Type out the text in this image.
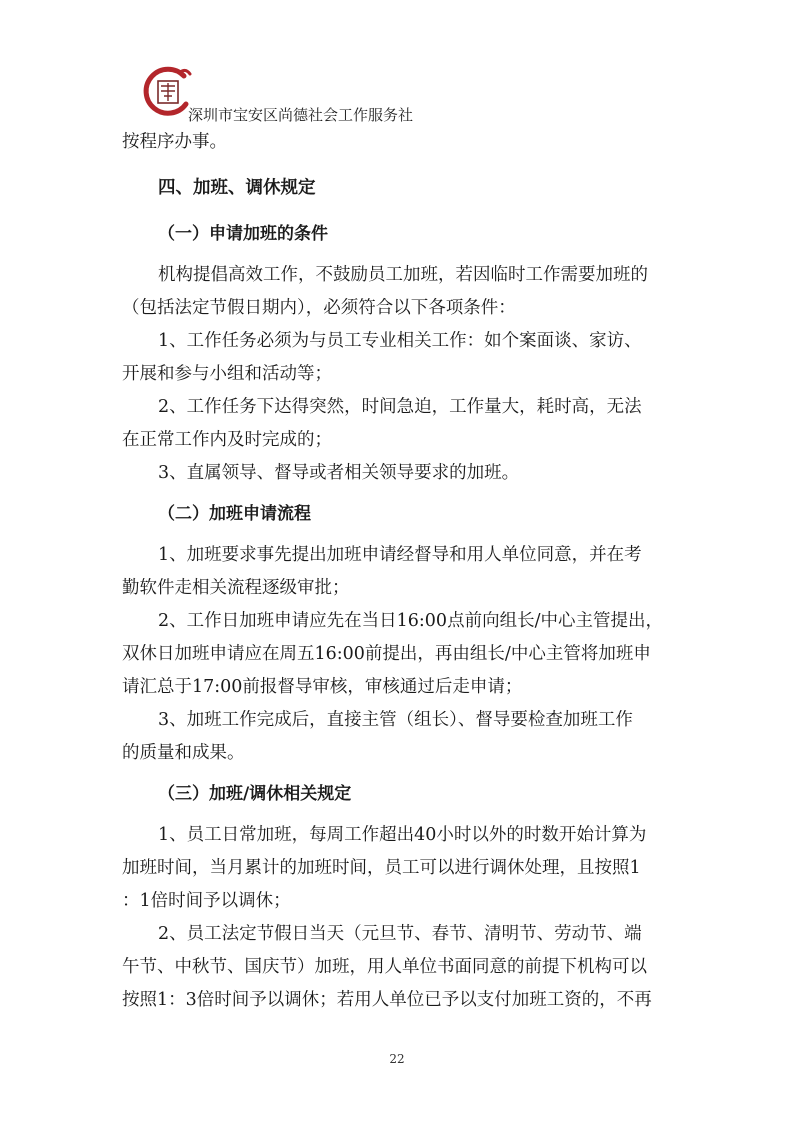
深圳市宝安区尚德社会工作服务社
按程序办事。
四、加班、调休规定
（一）申请加班的条件
机构提倡高效工作，不鼓励员工加班，若因临时工作需要加班的
（包括法定节假日期内），必须符合以下各项条件：
1、工作任务必须为与员工专业相关工作：如个案面谈、家访、
开展和参与小组和活动等；
2、工作任务下达得突然，时间急迫，工作量大，耗时高，无法
在正常工作内及时完成的；
3、直属领导、督导或者相关领导要求的加班。
（二）加班申请流程
1、加班要求事先提出加班申请经督导和用人单位同意，并在考
勤软件走相关流程逐级审批；
2、工作日加班申请应先在当日16:00点前向组长/中心主管提出，
双休日加班申请应在周五16:00前提出，再由组长/中心主管将加班申
请汇总于17:00前报督导审核，审核通过后走申请；
3、加班工作完成后，直接主管（组长）、督导要检查加班工作
的质量和成果。
（三）加班/调休相关规定
1、员工日常加班，每周工作超出40小时以外的时数开始计算为
加班时间，当月累计的加班时间，员工可以进行调休处理，且按照1
：1倍时间予以调休；
2、员工法定节假日当天（元旦节、春节、清明节、劳动节、端
午节、中秋节、国庆节）加班，用人单位书面同意的前提下机构可以
按照1：3倍时间予以调休；若用人单位已予以支付加班工资的，不再
22
